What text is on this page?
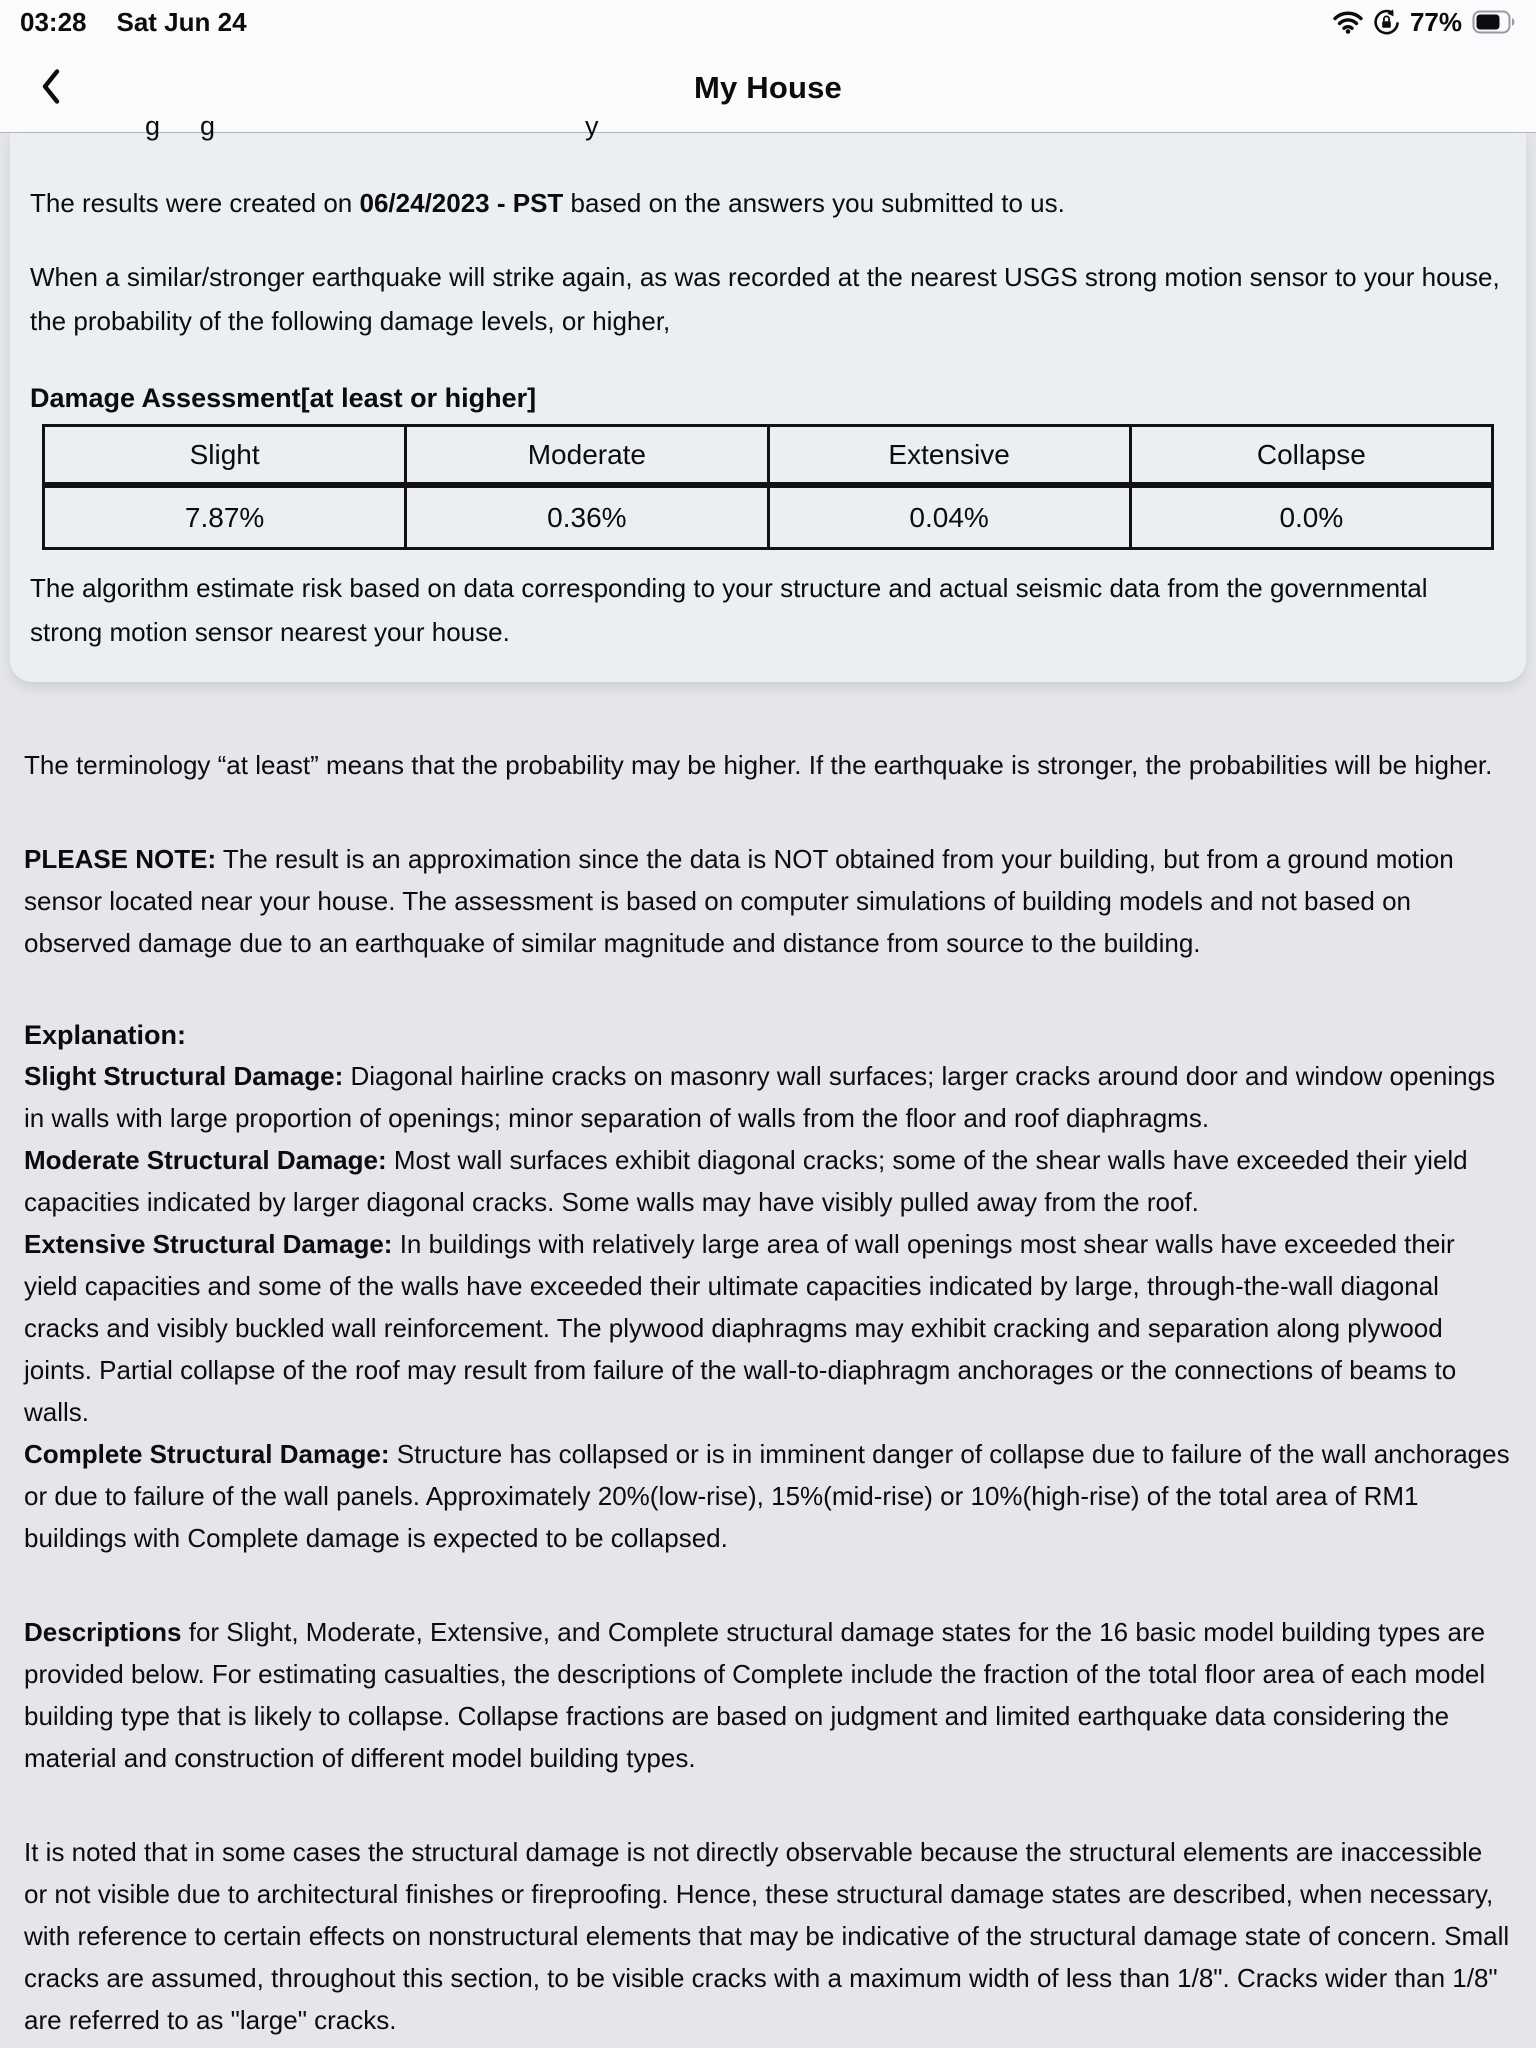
03:28 Sat Jun 24	77%
My House
g g	y

The results were created on 06/24/2023 - PST based on the answers you submitted to us.

When a similar/stronger earthquake will strike again, as was recorded at the nearest USGS strong motion sensor to your house, the probability of the following damage levels, or higher,

Damage Assessment[at least or higher]
Slight	Moderate	Extensive	Collapse
7.87%	0.36%	0.04%	0.0%

The algorithm estimate risk based on data corresponding to your structure and actual seismic data from the governmental strong motion sensor nearest your house.

The terminology “at least” means that the probability may be higher. If the earthquake is stronger, the probabilities will be higher.

PLEASE NOTE: The result is an approximation since the data is NOT obtained from your building, but from a ground motion sensor located near your house. The assessment is based on computer simulations of building models and not based on observed damage due to an earthquake of similar magnitude and distance from source to the building.

Explanation:

Slight Structural Damage: Diagonal hairline cracks on masonry wall surfaces; larger cracks around door and window openings in walls with large proportion of openings; minor separation of walls from the floor and roof diaphragms.

Moderate Structural Damage: Most wall surfaces exhibit diagonal cracks; some of the shear walls have exceeded their yield capacities indicated by larger diagonal cracks. Some walls may have visibly pulled away from the roof.

Extensive Structural Damage: In buildings with relatively large area of wall openings most shear walls have exceeded their yield capacities and some of the walls have exceeded their ultimate capacities indicated by large, through-the-wall diagonal cracks and visibly buckled wall reinforcement. The plywood diaphragms may exhibit cracking and separation along plywood joints. Partial collapse of the roof may result from failure of the wall-to-diaphragm anchorages or the connections of beams to walls.

Complete Structural Damage: Structure has collapsed or is in imminent danger of collapse due to failure of the wall anchorages or due to failure of the wall panels. Approximately 20%(low-rise), 15%(mid-rise) or 10%(high-rise) of the total area of RM1 buildings with Complete damage is expected to be collapsed.

Descriptions for Slight, Moderate, Extensive, and Complete structural damage states for the 16 basic model building types are provided below. For estimating casualties, the descriptions of Complete include the fraction of the total floor area of each model building type that is likely to collapse. Collapse fractions are based on judgment and limited earthquake data considering the material and construction of different model building types.

It is noted that in some cases the structural damage is not directly observable because the structural elements are inaccessible or not visible due to architectural finishes or fireproofing. Hence, these structural damage states are described, when necessary, with reference to certain effects on nonstructural elements that may be indicative of the structural damage state of concern. Small cracks are assumed, throughout this section, to be visible cracks with a maximum width of less than 1/8". Cracks wider than 1/8" are referred to as "large" cracks.
